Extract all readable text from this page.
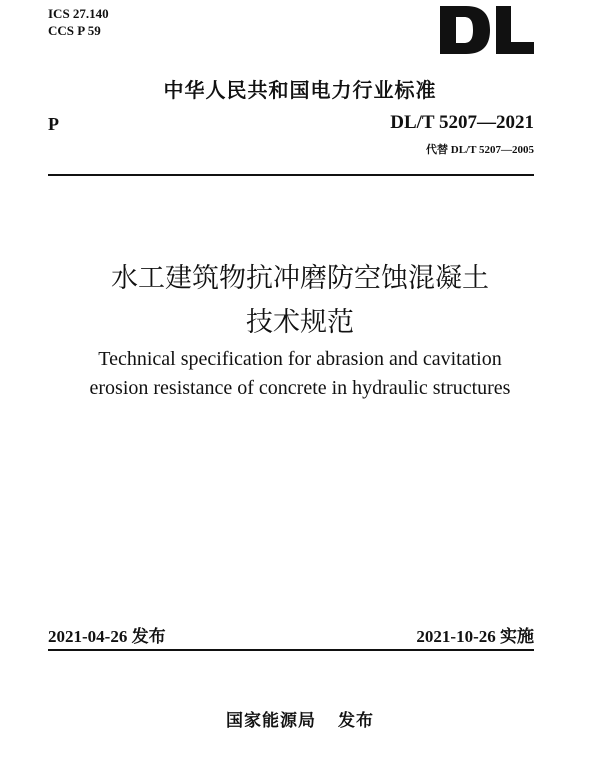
ICS 27.140
CCS P 59
中华人民共和国电力行业标准
P	DL/T 5207—2021
代替 DL/T 5207—2005
水工建筑物抗冲磨防空蚀混凝土
技术规范
Technical specification for abrasion and cavitation
erosion resistance of concrete in hydraulic structures
2021-04-26 发布	2021-10-26 实施
国家能源局 发布
